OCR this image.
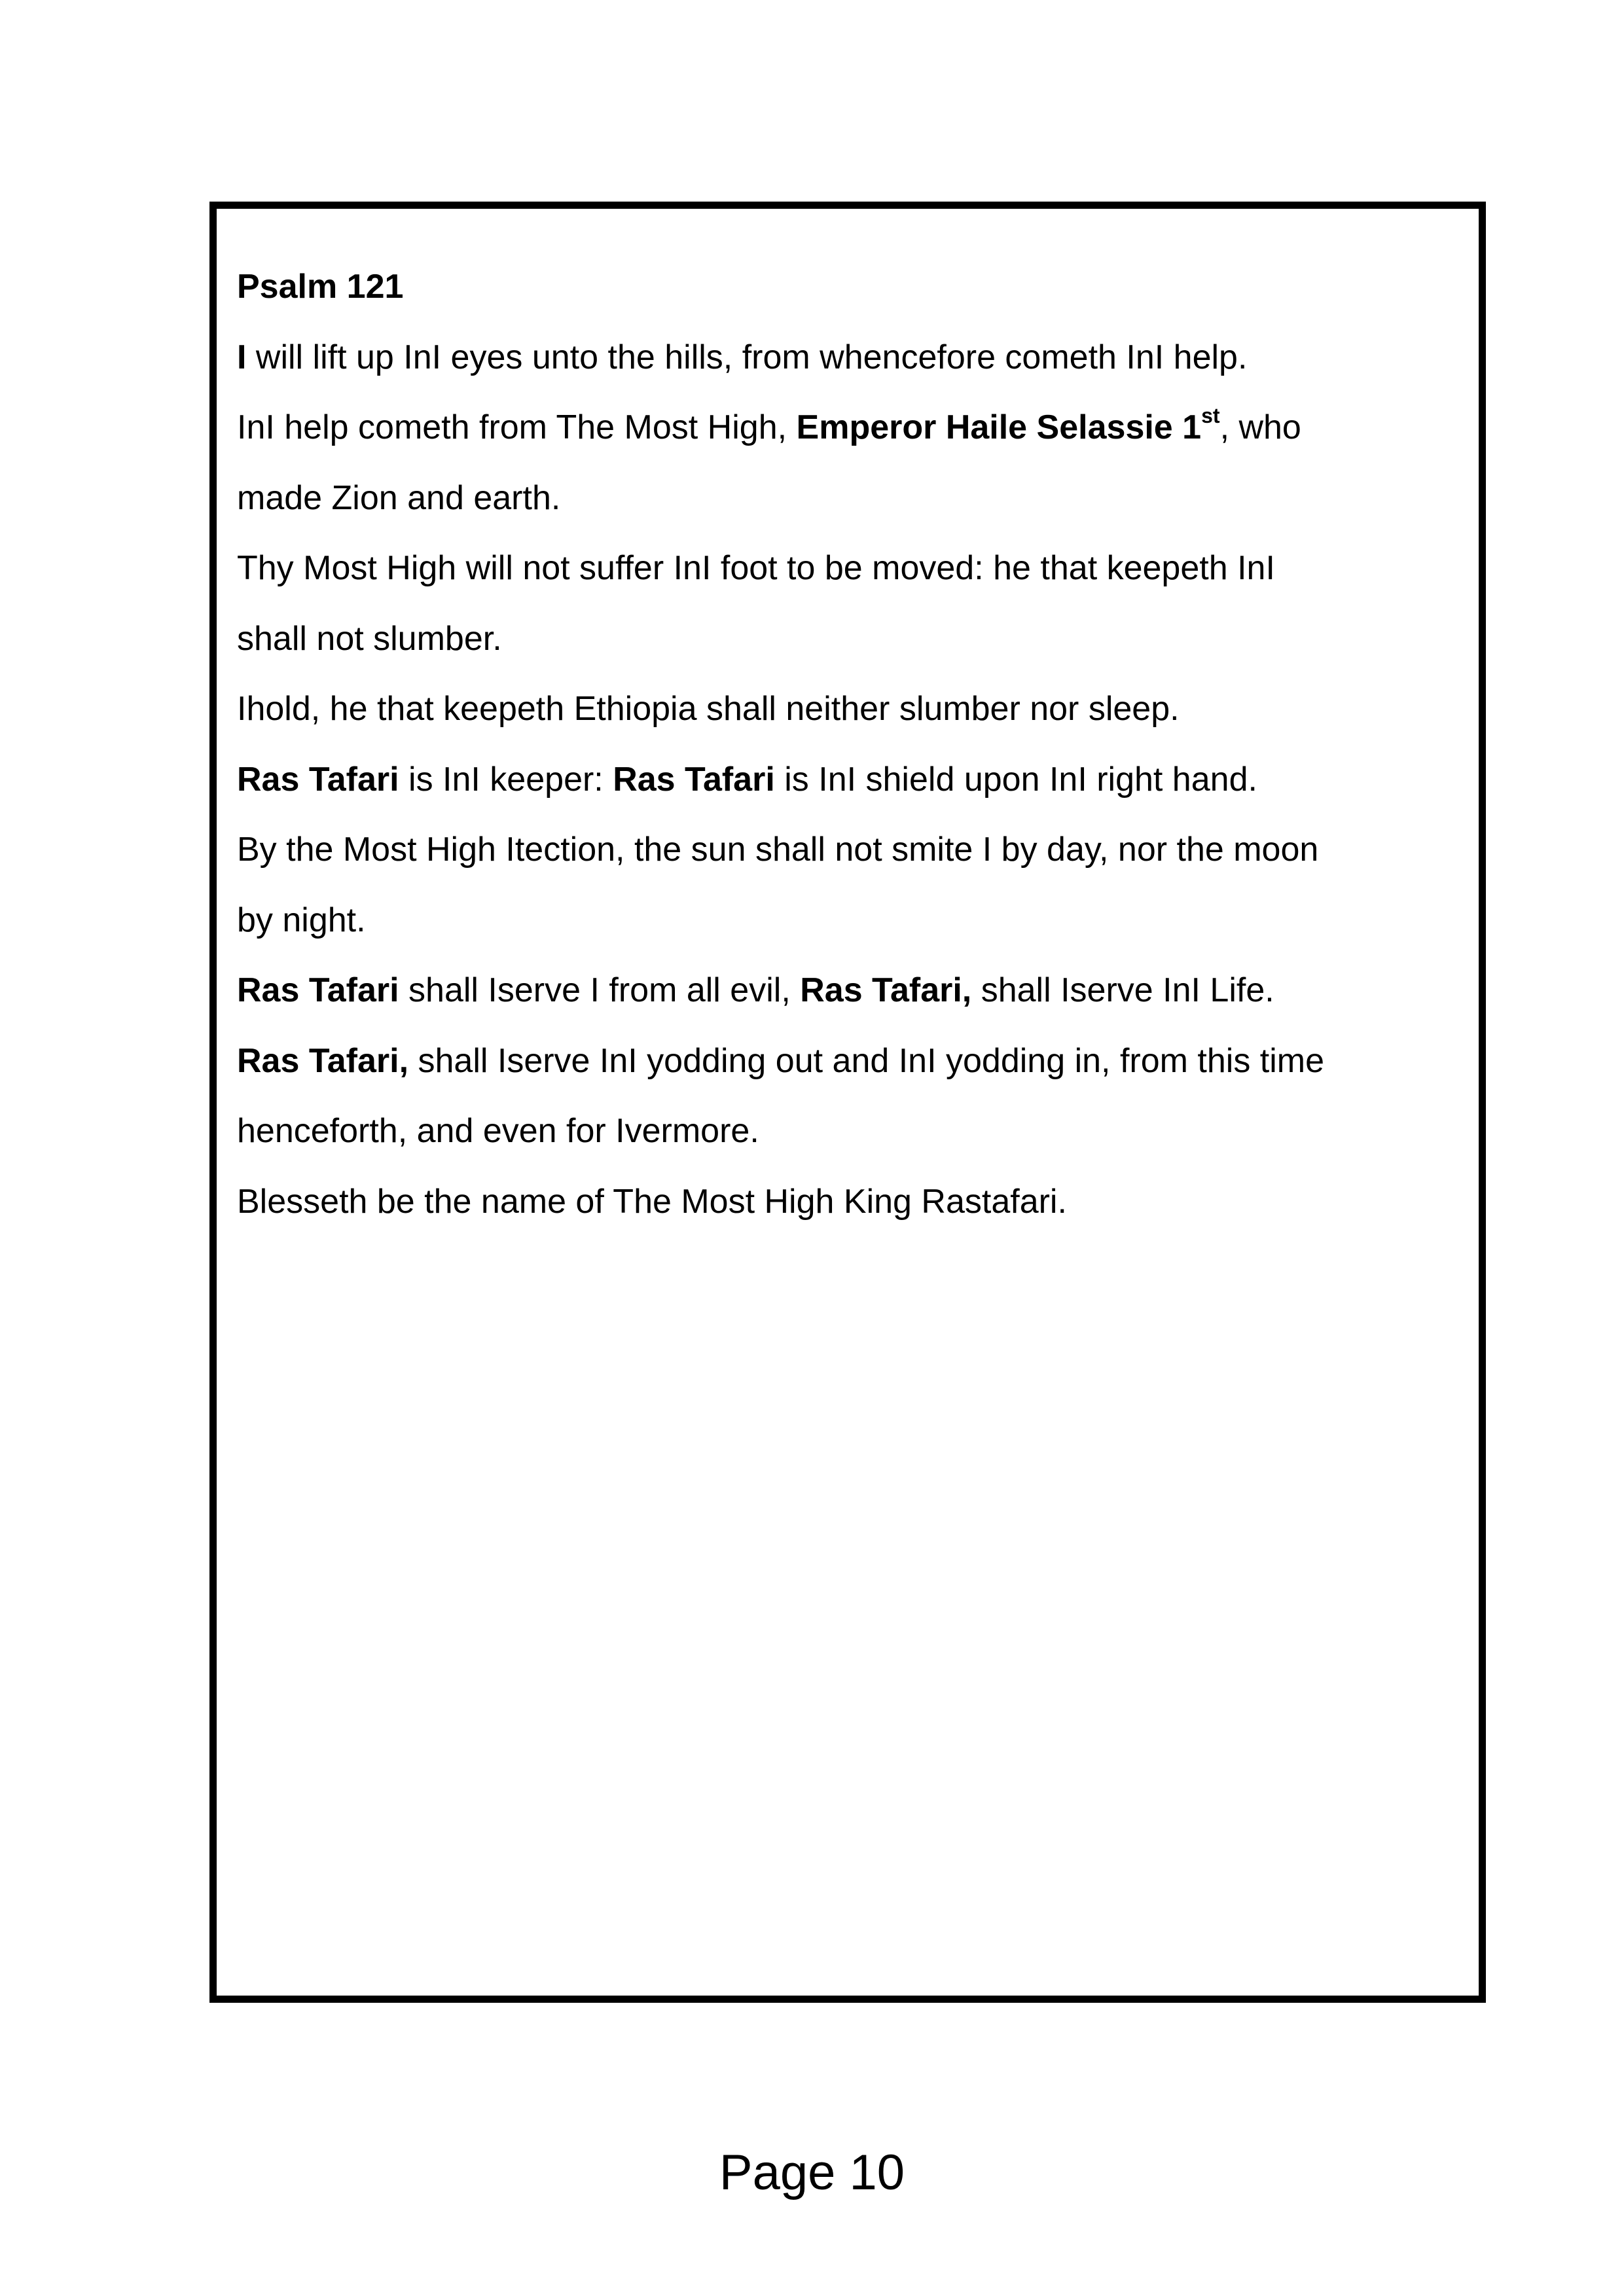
Psalm 121
I will lift up InI eyes unto the hills, from whencefore cometh InI help.
InI help cometh from The Most High, Emperor Haile Selassie 1st, who
made Zion and earth.
Thy Most High will not suffer InI foot to be moved: he that keepeth InI
shall not slumber.
Ihold, he that keepeth Ethiopia shall neither slumber nor sleep.
Ras Tafari is InI keeper: Ras Tafari is InI shield upon InI right hand.
By the Most High Itection, the sun shall not smite I by day, nor the moon
by night.
Ras Tafari shall Iserve I from all evil, Ras Tafari, shall Iserve InI Life.
Ras Tafari, shall Iserve InI yodding out and InI yodding in, from this time
henceforth, and even for Ivermore.
Blesseth be the name of The Most High King Rastafari.
Page 10
